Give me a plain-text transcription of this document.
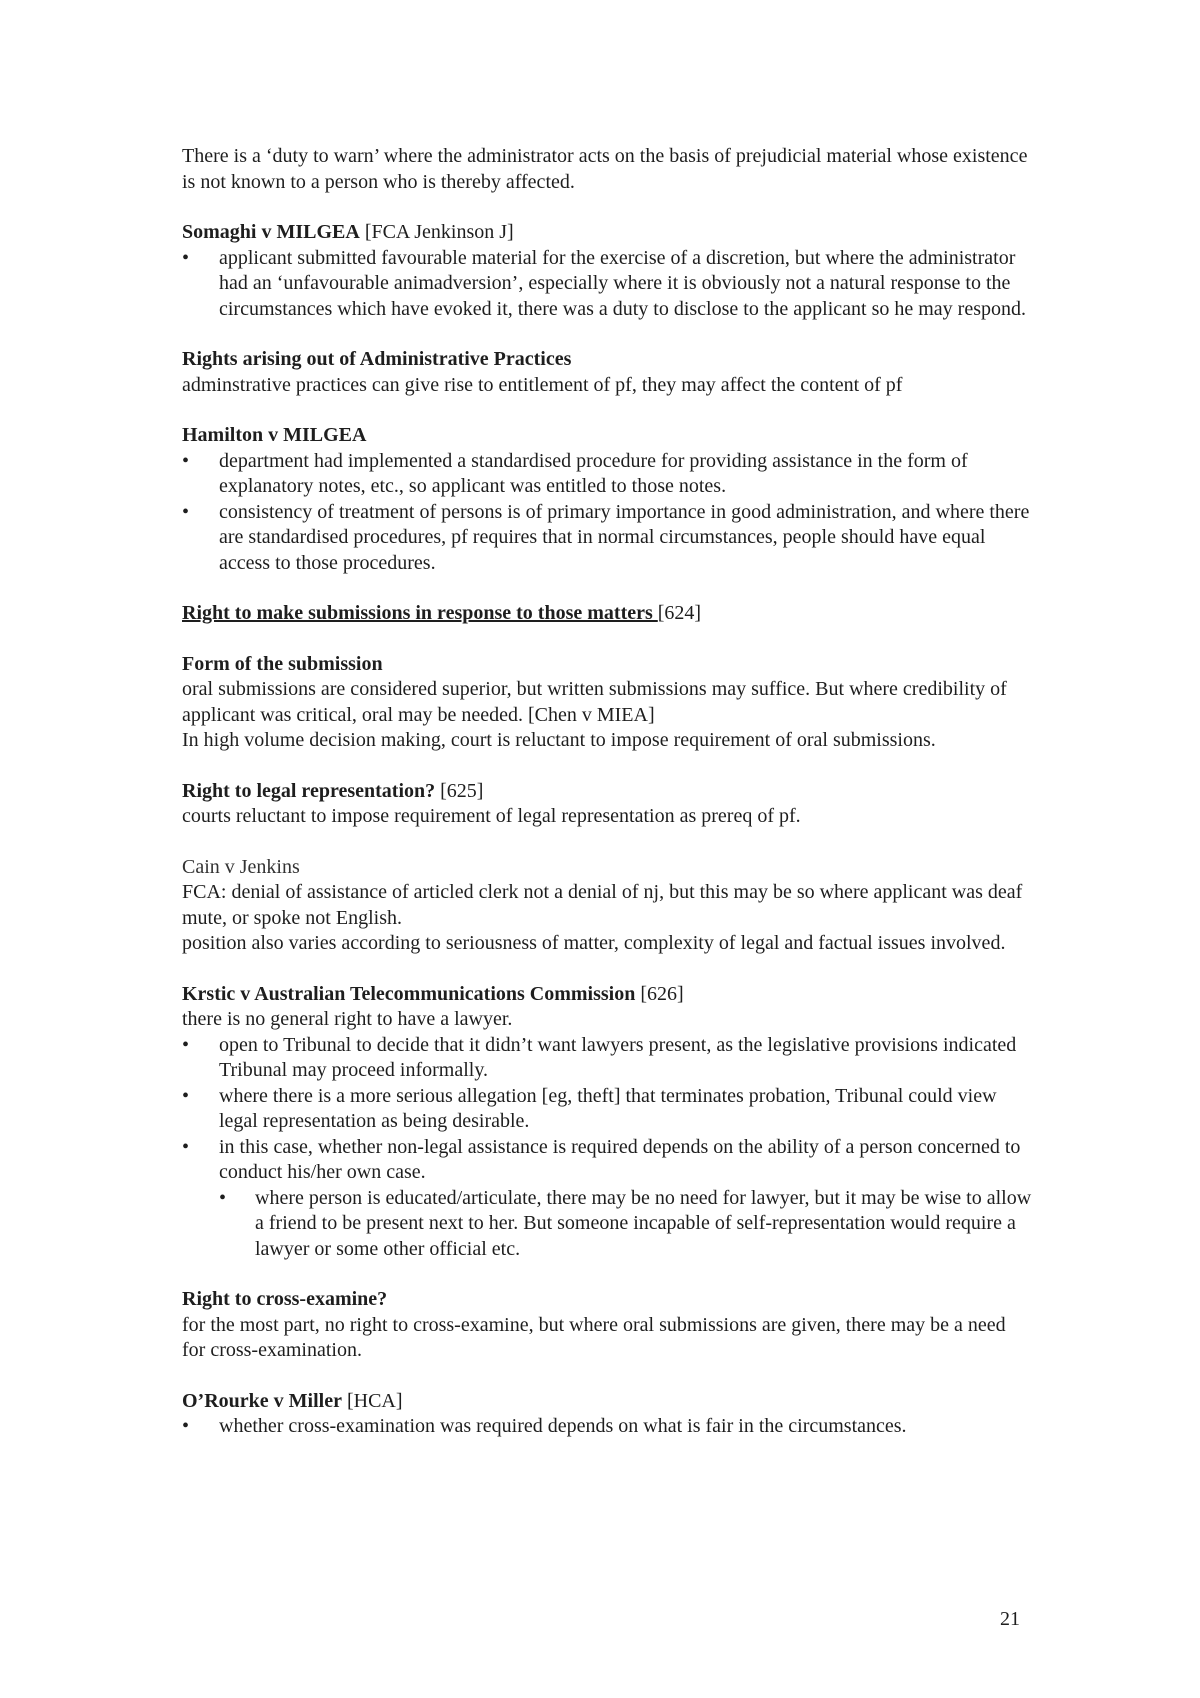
There is a ‘duty to warn’ where the administrator acts on the basis of prejudicial material whose existence is not known to a person who is thereby affected.

Somaghi v MILGEA [FCA Jenkinson J]

• applicant submitted favourable material for the exercise of a discretion, but where the administrator had an ‘unfavourable animadversion’, especially where it is obviously not a natural response to the circumstances which have evoked it, there was a duty to disclose to the applicant so he may respond.

Rights arising out of Administrative Practices

adminstrative practices can give rise to entitlement of pf, they may affect the content of pf

Hamilton v MILGEA

• department had implemented a standardised procedure for providing assistance in the form of explanatory notes, etc., so applicant was entitled to those notes.
• consistency of treatment of persons is of primary importance in good administration, and where there are standardised procedures, pf requires that in normal circumstances, people should have equal access to those procedures.

Right to make submissions in response to those matters [624]

Form of the submission

oral submissions are considered superior, but written submissions may suffice. But where credibility of applicant was critical, oral may be needed. [Chen v MIEA]

In high volume decision making, court is reluctant to impose requirement of oral submissions.

Right to legal representation? [625]

courts reluctant to impose requirement of legal representation as prereq of pf.

Cain v Jenkins

FCA: denial of assistance of articled clerk not a denial of nj, but this may be so where applicant was deaf mute, or spoke not English.

position also varies according to seriousness of matter, complexity of legal and factual issues involved.

Krstic v Australian Telecommunications Commission [626]

there is no general right to have a lawyer.

• open to Tribunal to decide that it didn’t want lawyers present, as the legislative provisions indicated Tribunal may proceed informally.
• where there is a more serious allegation [eg, theft] that terminates probation, Tribunal could view legal representation as being desirable.
• in this case, whether non-legal assistance is required depends on the ability of a person concerned to conduct his/her own case.
• where person is educated/articulate, there may be no need for lawyer, but it may be wise to allow a friend to be present next to her. But someone incapable of self-representation would require a lawyer or some other official etc.

Right to cross-examine?

for the most part, no right to cross-examine, but where oral submissions are given, there may be a need for cross-examination.

O’Rourke v Miller [HCA]

• whether cross-examination was required depends on what is fair in the circumstances.
21
